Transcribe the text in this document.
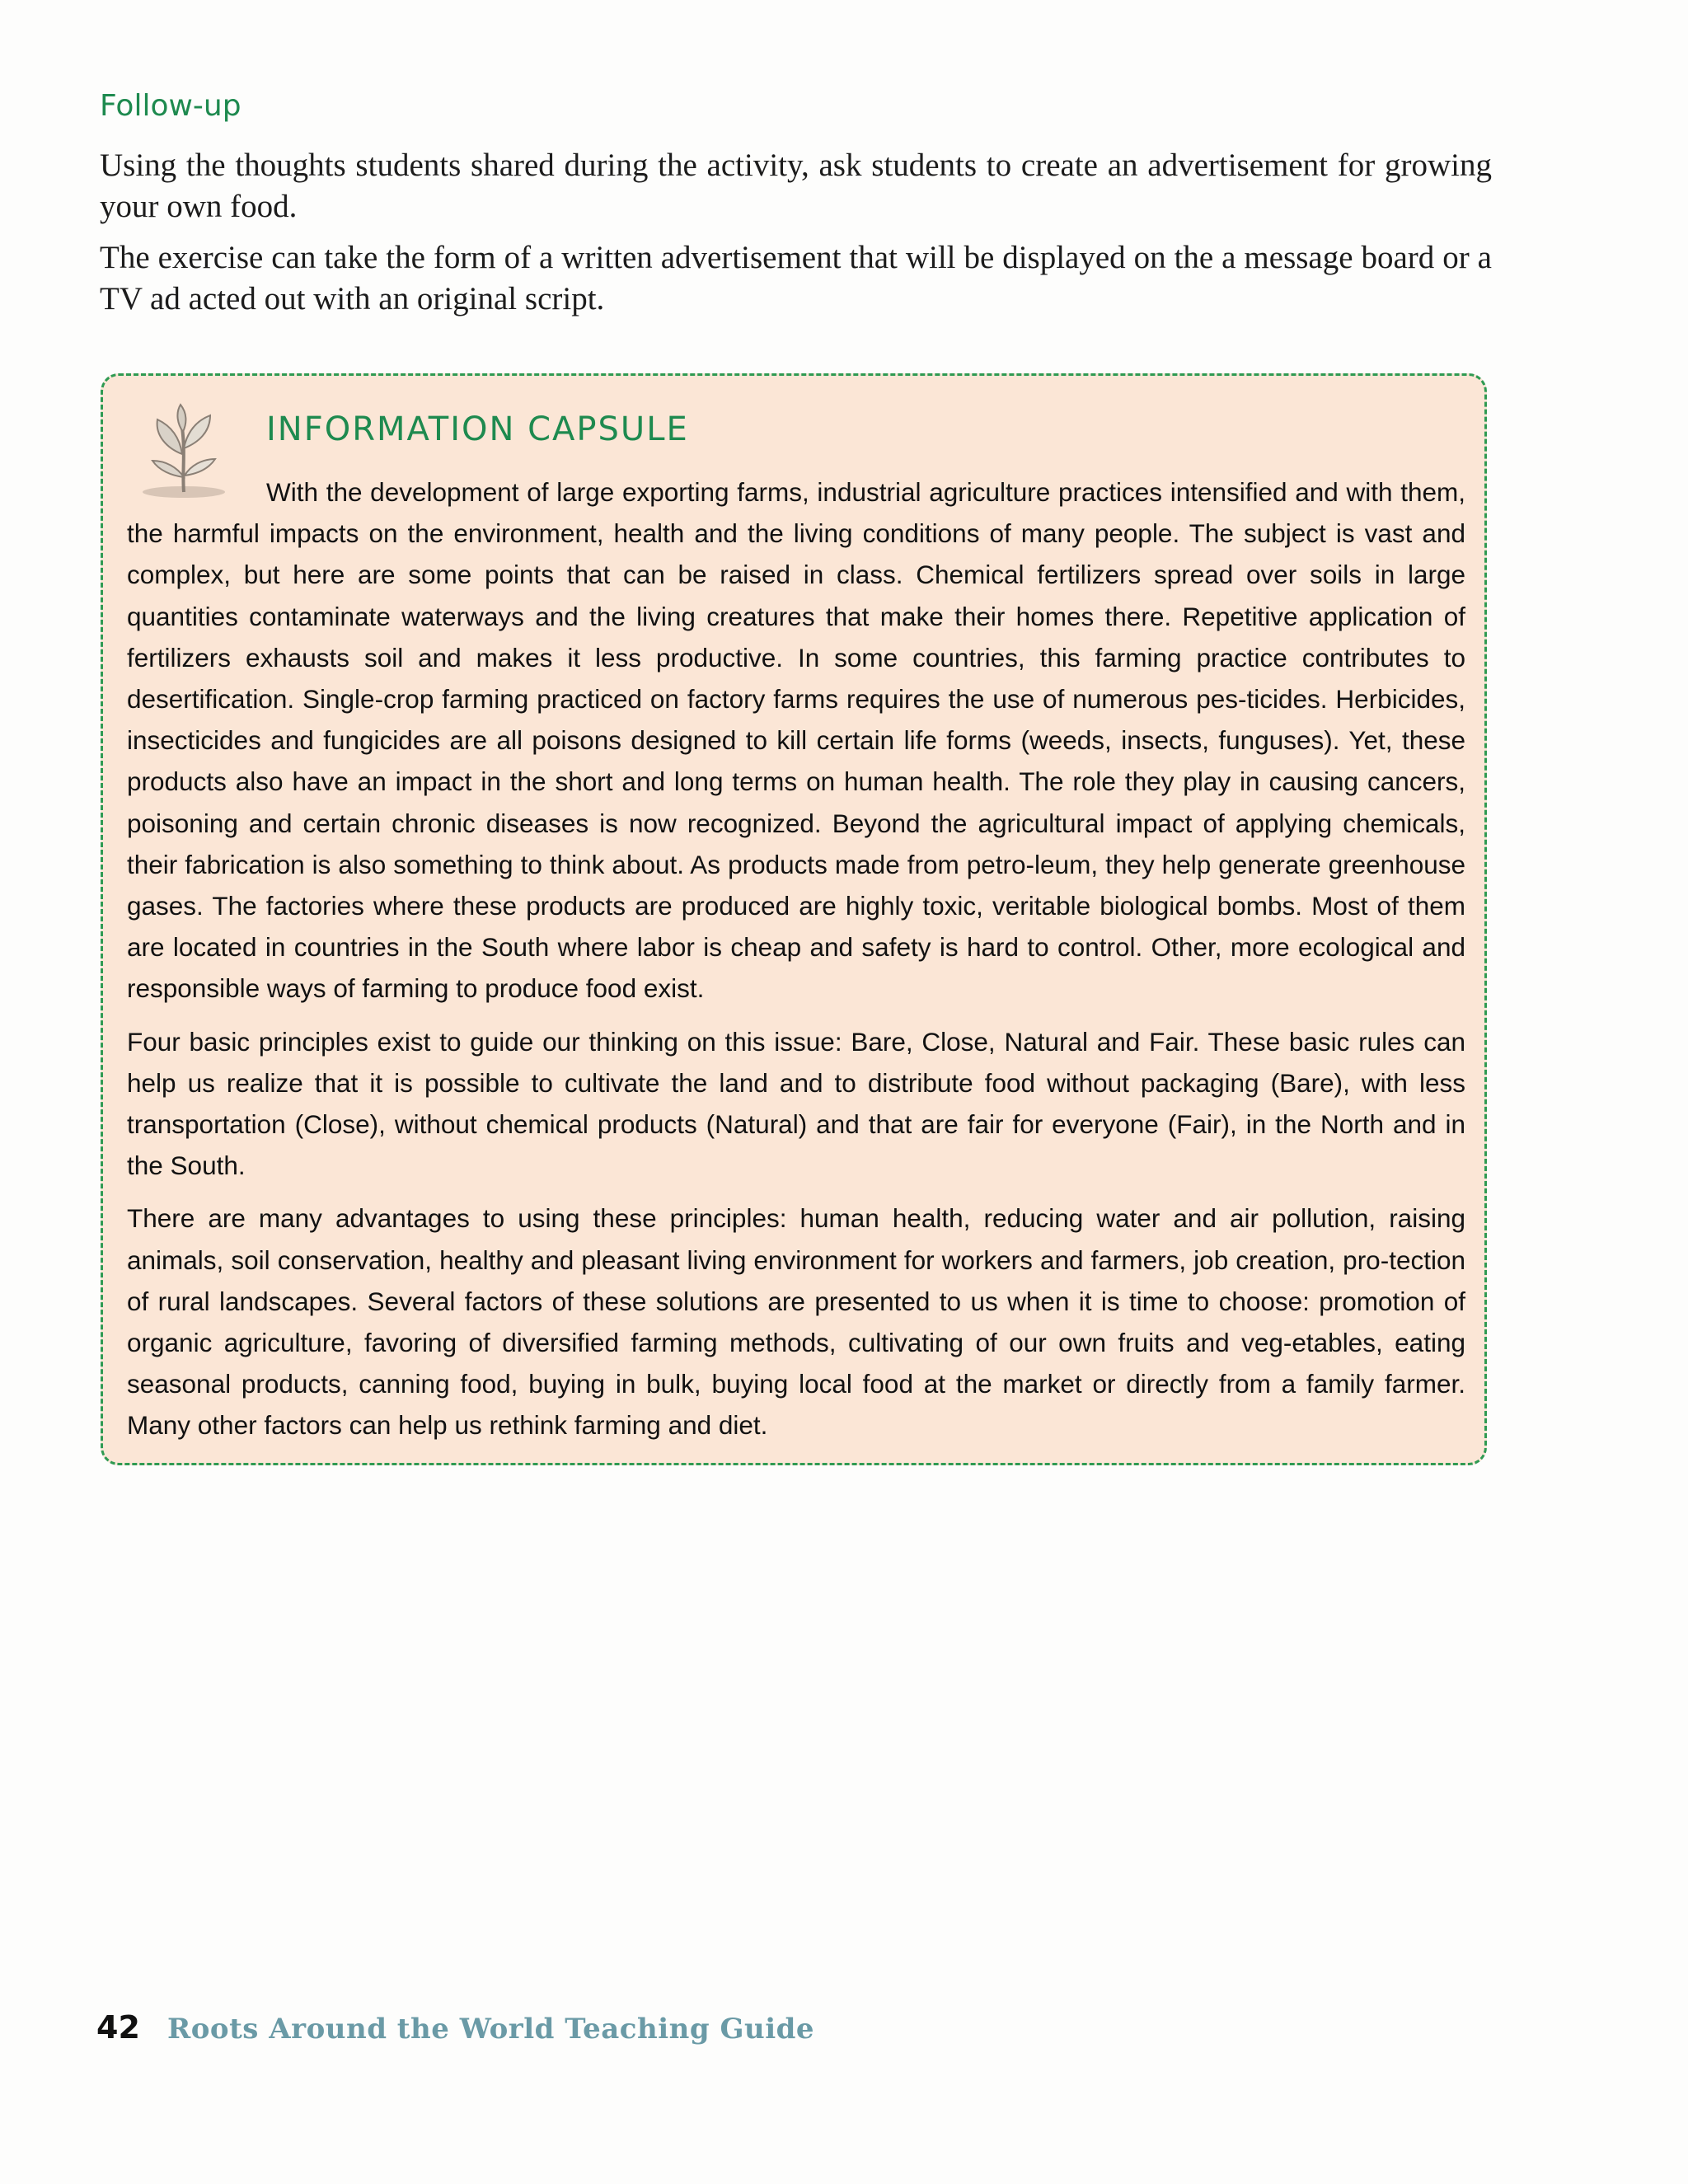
Follow-up

Using the thoughts students shared during the activity, ask students to create an advertisement for growing your own food.

The exercise can take the form of a written advertisement that will be displayed on the a message board or a TV ad acted out with an original script.

INFORMATION CAPSULE

With the development of large exporting farms, industrial agriculture practices intensified and with them, the harmful impacts on the environment, health and the living conditions of many people. The subject is vast and complex, but here are some points that can be raised in class. Chemical fertilizers spread over soils in large quantities contaminate waterways and the living creatures that make their homes there. Repetitive application of fertilizers exhausts soil and makes it less productive. In some countries, this farming practice contributes to desertification. Single-crop farming practiced on factory farms requires the use of numerous pes-ticides. Herbicides, insecticides and fungicides are all poisons designed to kill certain life forms (weeds, insects, funguses). Yet, these products also have an impact in the short and long terms on human health. The role they play in causing cancers, poisoning and certain chronic diseases is now recognized. Beyond the agricultural impact of applying chemicals, their fabrication is also something to think about. As products made from petro-leum, they help generate greenhouse gases. The factories where these products are produced are highly toxic, veritable biological bombs. Most of them are located in countries in the South where labor is cheap and safety is hard to control. Other, more ecological and responsible ways of farming to produce food exist.

Four basic principles exist to guide our thinking on this issue: Bare, Close, Natural and Fair. These basic rules can help us realize that it is possible to cultivate the land and to distribute food without packaging (Bare), with less transportation (Close), without chemical products (Natural) and that are fair for everyone (Fair), in the North and in the South.

There are many advantages to using these principles: human health, reducing water and air pollution, raising animals, soil conservation, healthy and pleasant living environment for workers and farmers, job creation, pro-tection of rural landscapes. Several factors of these solutions are presented to us when it is time to choose: promotion of organic agriculture, favoring of diversified farming methods, cultivating of our own fruits and veg-etables, eating seasonal products, canning food, buying in bulk, buying local food at the market or directly from a family farmer. Many other factors can help us rethink farming and diet.

42 Roots Around the World Teaching Guide
